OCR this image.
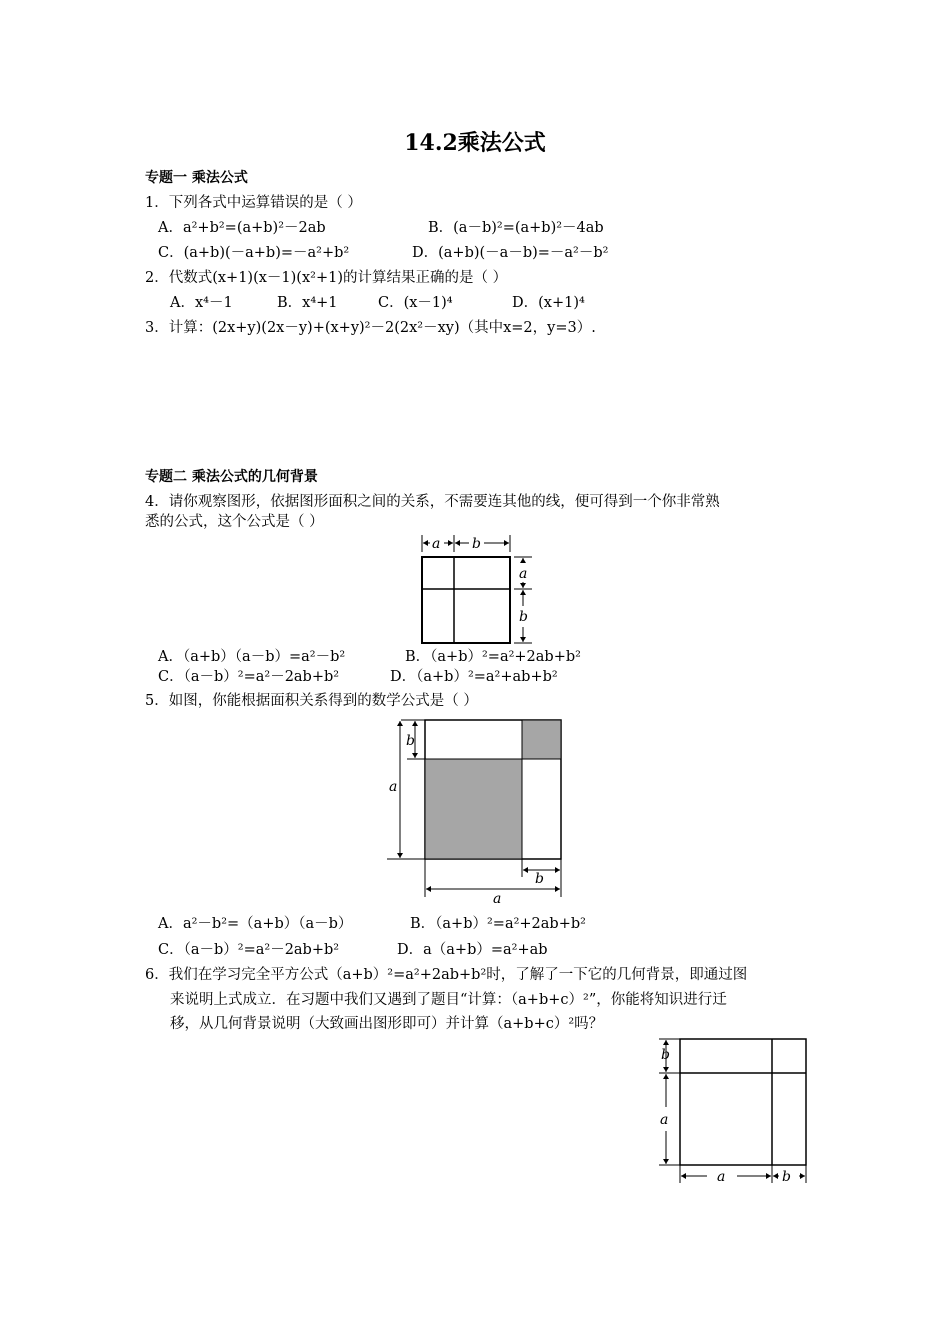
14.2乘法公式
专题一 乘法公式
1．下列各式中运算错误的是（ ）
A．a²+b²=(a+b)²－2ab	B．(a－b)²=(a+b)²－4ab
C．(a+b)(－a+b)=－a²+b²	D．(a+b)(－a－b)=－a²－b²
2．代数式(x+1)(x－1)(x²+1)的计算结果正确的是（ ）
A．x⁴－1	B．x⁴+1	C．(x－1)⁴	D．(x+1)⁴
3．计算：(2x+y)(2x－y)+(x+y)²－2(2x²－xy)（其中x=2，y=3）.
专题二 乘法公式的几何背景
4．请你观察图形，依据图形面积之间的关系，不需要连其他的线，便可得到一个你非常熟
悉的公式，这个公式是（ ）
a b
a
b
A．（a+b）（a－b）=a²－b²	B．（a+b）²=a²+2ab+b²
C．（a－b）²=a²－2ab+b²	D．（a+b）²=a²+ab+b²
5．如图，你能根据面积关系得到的数学公式是（ ）
b
a
b
a
A．a²－b²=（a+b）（a－b）	B．（a+b）²=a²+2ab+b²
C．（a－b）²=a²－2ab+b²	D．a（a+b）=a²+ab
6．我们在学习完全平方公式（a+b）²=a²+2ab+b²时，了解了一下它的几何背景，即通过图
来说明上式成立．在习题中我们又遇到了题目“计算：（a+b+c）²”，你能将知识进行迁
移，从几何背景说明（大致画出图形即可）并计算（a+b+c）²吗？
b
a
a	b
